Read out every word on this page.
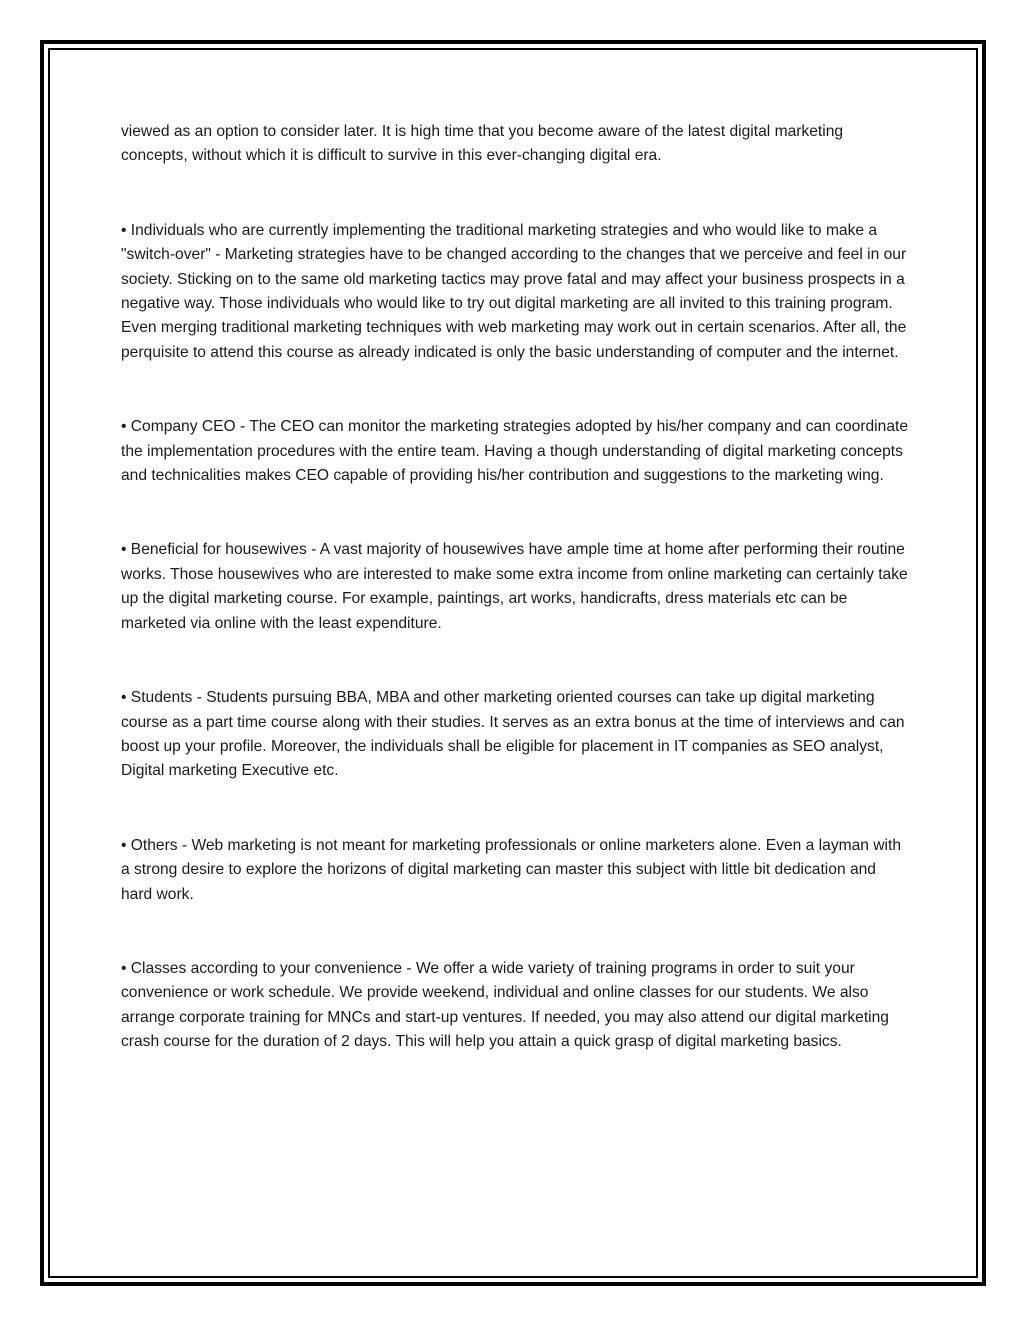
viewed as an option to consider later. It is high time that you become aware of the latest digital marketing concepts, without which it is difficult to survive in this ever-changing digital era.

• Individuals who are currently implementing the traditional marketing strategies and who would like to make a "switch-over" - Marketing strategies have to be changed according to the changes that we perceive and feel in our society. Sticking on to the same old marketing tactics may prove fatal and may affect your business prospects in a negative way. Those individuals who would like to try out digital marketing are all invited to this training program. Even merging traditional marketing techniques with web marketing may work out in certain scenarios. After all, the perquisite to attend this course as already indicated is only the basic understanding of computer and the internet.

• Company CEO - The CEO can monitor the marketing strategies adopted by his/her company and can coordinate the implementation procedures with the entire team. Having a though understanding of digital marketing concepts and technicalities makes CEO capable of providing his/her contribution and suggestions to the marketing wing.

• Beneficial for housewives - A vast majority of housewives have ample time at home after performing their routine works. Those housewives who are interested to make some extra income from online marketing can certainly take up the digital marketing course. For example, paintings, art works, handicrafts, dress materials etc can be marketed via online with the least expenditure.

• Students - Students pursuing BBA, MBA and other marketing oriented courses can take up digital marketing course as a part time course along with their studies. It serves as an extra bonus at the time of interviews and can boost up your profile. Moreover, the individuals shall be eligible for placement in IT companies as SEO analyst, Digital marketing Executive etc.

• Others - Web marketing is not meant for marketing professionals or online marketers alone. Even a layman with a strong desire to explore the horizons of digital marketing can master this subject with little bit dedication and hard work.

• Classes according to your convenience - We offer a wide variety of training programs in order to suit your convenience or work schedule. We provide weekend, individual and online classes for our students. We also arrange corporate training for MNCs and start-up ventures. If needed, you may also attend our digital marketing crash course for the duration of 2 days. This will help you attain a quick grasp of digital marketing basics.
